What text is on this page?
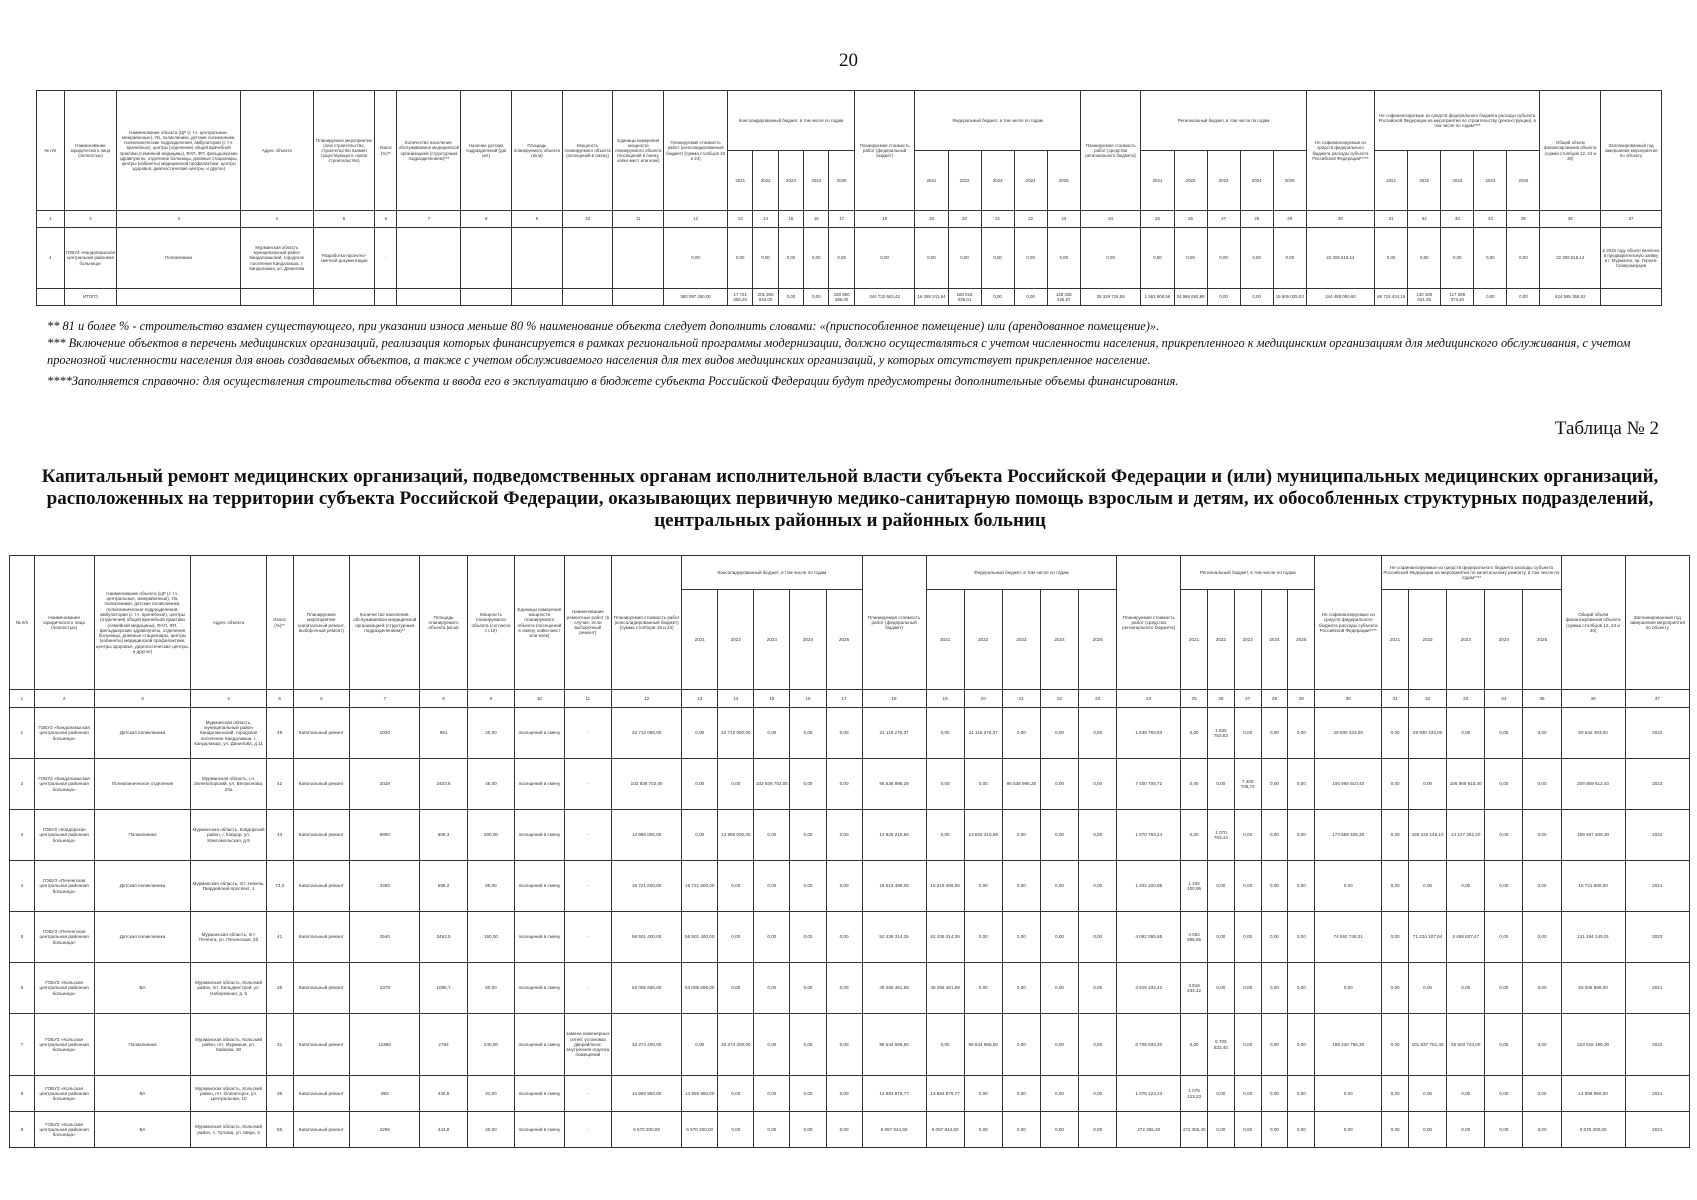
20
№ п/п	Наименование юридического лица (полностью)	Наименование объекта (ЦР (с т.ч. центральные, межрайонные), УБ, поликлиники, детские поликлиники, поликлинические подразделения, амбулатории (с т.ч. врачебные), центры (отделения) общей врачебной практики (семейной медицины), ФАП, ФП, фельдшерские здравпункты, отделение больницы, дневные стационары, центры (кабинеты) медицинской профилактики, центры здоровья, диагностические центры, и другое)	Адрес объекта	Планируемое мероприятие (new строительство, строительство взамен существующего, новое строительство)	Износ (%)**	Количество населения, обслуживаемое медицинской организацией (структурным подразделением)***	Наличие детских подразделений (да/нет)	Площадь планируемого объекта (кв.м)	Мощность планируемого объекта (посещений в смену)	Единицы измерения мощности планируемого объекта (посещений в смену, койко-мест или коек)	Планируемая стоимость работ (консолидированный бюджет) (сумма столбцов 18 и 24)	Консолидированный бюджет, в том числе по годам					Планируемая стоимость работ (федеральный бюджет)	Федеральный бюджет, в том числе по годам					Планируемая стоимость работ (средства регионального бюджета)	Региональный бюджет, в том числе по годам					Не софинансируемые из средств федерального бюджета расходы субъекта Российской Федерации*****	Не софинансируемые из средств федерального бюджета расходы субъекта Российской Федерации на мероприятия по строительству (реконструкции), в том числе по годам****					Общий объем финансирования объекта (сумма столбцов 12, 24 и 30)	Запланированный год завершения мероприятия по объекту
												2021	2022	2023	2024	2025		2021	2022	2023	2024	2025		2021	2022	2023	2024	2025		2021	2022	2023	2024	2025		
1	2	3	4	5	6	7	8	9	10	11	12	13	14	15	16	17	18	19	20	21	22	23	24	25	26	27	28	29	30	31	32	33	34	35	36	37
4	ГОБУЗ «Кандалакшская центральная районная больница»	Поликлиника	Мурманская область муниципальный район Кандалакшский, городское поселение Кандалакша, г. Кандалакша, ул. Данилова	Разработка проектно-сметной документации	-						0,00	0,00	0,00	0,00	0,00	0,00	0,00	0,00	0,00	0,00	0,00	0,00	0,00	0,00	0,00	0,00	0,00	0,00	22 306 618,14	0,00	0,00	0,00	0,00	0,00	22 306 618,14	в 2025 году объект включен в предварительную заявку в г. Мурманск, пр. Героев-Североморцев
	ИТОГО										380 097 350,00	17 721 050,20	201 305 840,00	0,00	0,00	160 990 396,00	344 732 663,42	16 289 241,64	180 018 036,01	0,00	0,00	148 425 426,97	35 329 726,58	1 561 808,56	34 686 693,99	0,00	0,00	19 509 025,03	244 488 050,60	69 719 424,16	130 480 021,05	117 289 373,40	0,00	0,00	624 585 356,62	

** 81 и более % - строительство взамен существующего, при указании износа меньше 80 % наименование объекта следует дополнить словами: «(приспособленное помещение) или (арендованное помещение)».

*** Включение объектов в перечень медицинских организаций, реализация которых финансируется в рамках региональной программы модернизации, должно осуществляться с учетом численности населения, прикрепленного к медицинским организациям для медицинского обслуживания, с учетом прогнозной численности населения для вновь создаваемых объектов, а также с учетом обслуживаемого населения для тех видов медицинских организаций, у которых отсутствует прикрепленное население.

****Заполняется справочно: для осуществления строительства объекта и ввода его в эксплуатацию в бюджете субъекта Российской Федерации будут предусмотрены дополнительные объемы финансирования.

Таблица № 2
Капитальный ремонт медицинских организаций, подведомственных органам исполнительной власти субъекта Российской Федерации и (или) муниципальных медицинских организаций, расположенных на территории субъекта Российской Федерации, оказывающих первичную медико-санитарную помощь взрослым и детям, их обособленных структурных подразделений, центральных районных и районных больниц
№ п/п	Наименование юридического лица (полностью)	Наименование объекта (ЦР (с т.ч. центральные, межрайонные), УБ, поликлиники, детские поликлиники, поликлинические подразделения, амбулатории (с т.ч. врачебные), центры (отделения) общей врачебной практики (семейной медицины), ФАП, ФП, фельдшерские здравпункты, отделения больницы, дневные стационары, центры (кабинеты) медицинской профилактики, центры здоровья, диагностические центры, и другое)	Адрес объекта	Износ (%)**	Планируемое мероприятие (капитальный ремонт, выборочный ремонт)	Количество населения, обслуживаемое медицинской организацией (структурным подразделением)**	Площадь планируемого объекта (кв.м)	Мощность планируемого объекта (согласно ст.10)	Единицы измерения мощности планируемого объекта (посещений в смену, койко-мест или коек)	Наименование ремонтных работ (в случае, если выборочный ремонт)	Планируемая стоимость работ (консолидированный бюджет) (сумма столбцов 18 и 24)	Консолидированный бюджет, в том числе по годам					Планируемая стоимость работ (федеральный бюджет)	Федеральный бюджет, в том числе по годам					Планируемая стоимость работ (средства регионального бюджета)	Региональный бюджет, в том числе по годам					Не софинансируемые из средств федерального бюджета расходы субъекта Российской Федерации****	Не софинансируемые из средств федерального бюджета расходы субъекта Российской Федерации на мероприятия по капитальному ремонту, в том числе по годам****					Общий объем финансирования объекта (сумма столбцов 12, 24 и 30)	Запланированный год завершения мероприятия по объекту
												2021	2022	2023	2024	2025		2021	2022	2023	2024	2025		2021	2022	2023	2024	2025		2021	2022	2023	2024	2025		
1	2	3	4	5	6	7	8	9	10	11	12	13	14	15	16	17	18	19	20	21	22	23	24	25	26	27	28	29	30	31	32	33	34	35	36	37
1	ГОБУЗ «Кандалакшская центральная районная больница»	Детская поликлиника	Мурманская область, муниципальный район Кандалакшский, городское поселение Кандалакша, г. Кандалакша, ул. Данилова, д.11	49	Капитальный ремонт	1020	981	20,00	посещений в смену	-	22 712 060,00	0,00	22 712 060,00	0,00	0,00	0,00	21 116 276,37	0,00	21 116 276,37	0,00	0,00	0,00	1 635 783,63	0,00	1 635 783,63	0,00	0,00	0,00	29 930 433,00	0,00	29 930 433,00	0,00	0,00	0,00	50 642 493,00	2022
2	ГОБУЗ «Кандалакшская центральная районная больница»	Поликлиническое отделение	Мурманская область, г.п. Зеленоборский, ул. Белоконова, 23а	42	Капитальный ремонт	2028	2403,6	45,00	посещений в смену	-	102 939 702,00	0,00	0,00	102 939 702,00	0,00	0,00	95 538 995,28	0,00	0,00	95 538 995,28	0,00	0,00	7 400 706,72	0,00	0,00	7 400 706,72	0,00	0,00	106 969 910,40	0,00	0,00	106 969 910,40	0,00	0,00	209 909 612,40	2023
3	ГОБУЗ «Ковдорская центральная районная больница»	Поликлиника	Мурманская область, Ковдорский район, г. Ковдор, ул. Комсомольская, д.5	43	Капитальный ремонт	8900	605,3	300,00	посещений в смену	-	14 896 000,00	0,00	14 896 000,00	0,00	0,00	0,00	13 825 216,56	0,00	13 825 216,56	0,00	0,00	0,00	1 070 783,44	0,00	1 070 783,44	0,00	0,00	0,00	174 559 408,30	0,00	160 432 146,10	14 127 262,20	0,00	0,00	189 467 408,30	2022
4	ГОБУЗ «Печенгская центральная районная больница»	Детская поликлиника	Мурманская область, пгт. Никель, Гвардейский проспект, 1	73,3	Капитальный ремонт	3450	598,2	85,00	посещений в смену	-	16 721 600,00	16 721 600,00	0,00	0,00	0,00	0,00	15 519 499,05	15 519 499,05	0,00	0,00	0,00	0,00	1 202 100,95	1 202 100,95	0,00	0,00	0,00	0,00	0,00	0,00	0,00	0,00	0,00	0,00	16 721 600,00	2021
5	ГОБУЗ «Печенгская центральная районная больница»	Детская поликлиника	Мурманская область, пгт. Печенга, ул. Печенгская, 2б	41	Капитальный ремонт	3540	3462,5	150,00	посещений в смену	-	56 501 400,00	56 501 400,00	0,00	0,00	0,00	0,00	52 439 314,35	52 439 314,35	0,00	0,00	0,00	0,00	4 062 085,65	4 062 085,65	0,00	0,00	0,00	0,00	74 692 745,01	0,00	71 234 107,54	3 458 637,47	0,00	0,00	131 194 145,01	2023
6	ГОБУЗ «Кольская центральная районная больница»	ВА	Мурманская область, Кольский район, пгт. Кильдинстрой, ул. Набережная, д. 8	35	Капитальный ремонт	2378	1095,7	60,00	посещений в смену	-	53 005 696,00	53 005 696,00	0,00	0,00	0,00	0,00	49 265 461,58	49 265 461,58	0,00	0,00	0,00	0,00	3 916 234,42	3 916 234,42	0,00	0,00	0,00	0,00	0,00	0,00	0,00	0,00	0,00	0,00	53 005 696,00	2021
7	ГОБУЗ «Кольская центральная районная больница»	Поликлиника	Мурманская область, Кольский район, пгт. Мурмаши, ул. Кайкова, 30	31	Капитальный ремонт	11960	2784	240,00	посещений в смену	замена инженерных сетей; установка дверей/окон; внутренняя отделка помещений	33 274 400,00	0,00	33 274 400,00	0,00	0,00	0,00	96 544 566,60	0,00	96 544 566,60	0,00	0,00	0,00	6 705 833,40	0,00	6 705 833,40	0,00	0,00	0,00	189 240 796,30	0,00	101 837 751,35	26 603 744,00	0,00	0,00	223 515 196,30	2022
8	ГОБУЗ «Кольская центральная районная больница»	ВА	Мурманская область, Кольский район, пгт. Оленегорск, ул. Центральная, 10	36	Капитальный ремонт	983	440,8	41,00	посещений в смену	-	14 959 950,00	14 959 950,00	0,00	0,00	0,00	0,00	13 884 876,77	13 884 876,77	0,00	0,00	0,00	0,00	1 075 123,23	1 075 123,23	0,00	0,00	0,00	0,00	0,00	0,00	0,00	0,00	0,00	0,00	14 959 950,00	2021
9	ГОБУЗ «Кольская центральная районная больница»	ВА	Мурманская область, Кольский район, с. Тулома, ул. Мира, 4	56	Капитальный ремонт	2296	444,8	40,00	посещений в смену	-	6 570 200,00	6 570 200,00	0,00	0,00	0,00	0,00	6 097 844,60	6 097 844,60	0,00	0,00	0,00	0,00	472 355,40	472 355,40	0,00	0,00	0,00	0,00	0,00	0,00	0,00	0,00	0,00	0,00	6 570 200,00	2021
